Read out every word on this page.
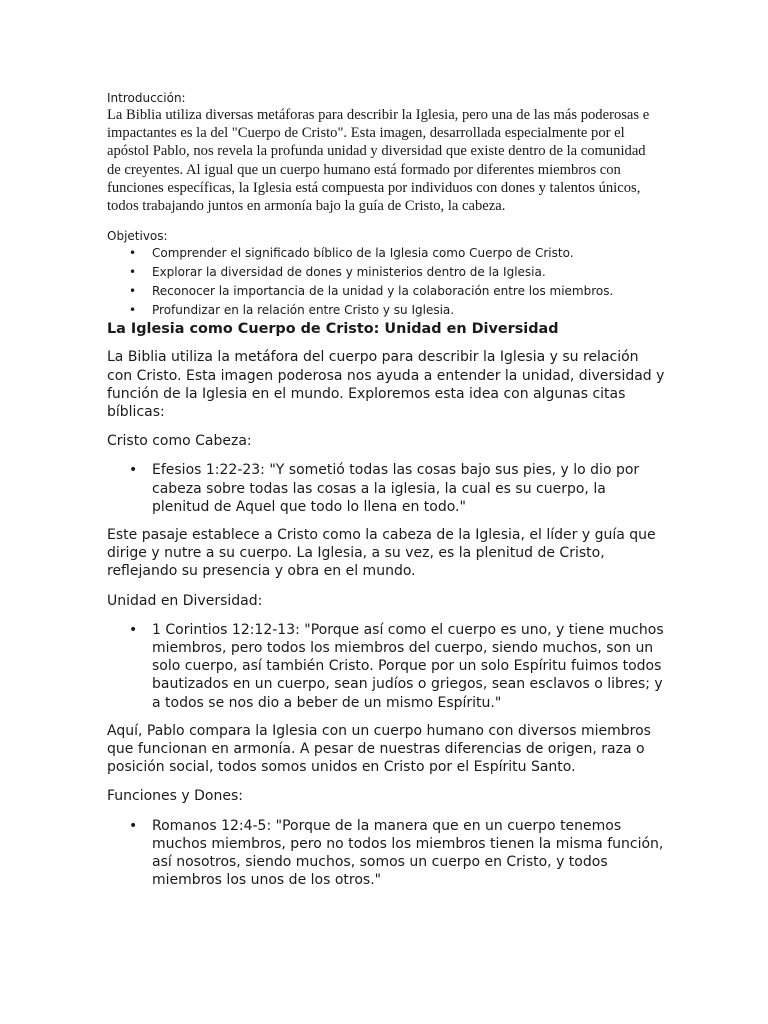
Introducción:

La Biblia utiliza diversas metáforas para describir la Iglesia, pero una de las más poderosas e impactantes es la del "Cuerpo de Cristo". Esta imagen, desarrollada especialmente por el apóstol Pablo, nos revela la profunda unidad y diversidad que existe dentro de la comunidad de creyentes. Al igual que un cuerpo humano está formado por diferentes miembros con funciones específicas, la Iglesia está compuesta por individuos con dones y talentos únicos, todos trabajando juntos en armonía bajo la guía de Cristo, la cabeza.

Objetivos:

• Comprender el significado bíblico de la Iglesia como Cuerpo de Cristo.
• Explorar la diversidad de dones y ministerios dentro de la Iglesia.
• Reconocer la importancia de la unidad y la colaboración entre los miembros.
• Profundizar en la relación entre Cristo y su Iglesia.
La Iglesia como Cuerpo de Cristo: Unidad en Diversidad

La Biblia utiliza la metáfora del cuerpo para describir la Iglesia y su relación con Cristo. Esta imagen poderosa nos ayuda a entender la unidad, diversidad y función de la Iglesia en el mundo. Exploremos esta idea con algunas citas bíblicas:

Cristo como Cabeza:

• Efesios 1:22-23: "Y sometió todas las cosas bajo sus pies, y lo dio por cabeza sobre todas las cosas a la iglesia, la cual es su cuerpo, la plenitud de Aquel que todo lo llena en todo."

Este pasaje establece a Cristo como la cabeza de la Iglesia, el líder y guía que dirige y nutre a su cuerpo. La Iglesia, a su vez, es la plenitud de Cristo, reflejando su presencia y obra en el mundo.

Unidad en Diversidad:

• 1 Corintios 12:12-13: "Porque así como el cuerpo es uno, y tiene muchos miembros, pero todos los miembros del cuerpo, siendo muchos, son un solo cuerpo, así también Cristo. Porque por un solo Espíritu fuimos todos bautizados en un cuerpo, sean judíos o griegos, sean esclavos o libres; y a todos se nos dio a beber de un mismo Espíritu."

Aquí, Pablo compara la Iglesia con un cuerpo humano con diversos miembros que funcionan en armonía. A pesar de nuestras diferencias de origen, raza o posición social, todos somos unidos en Cristo por el Espíritu Santo.

Funciones y Dones:

• Romanos 12:4-5: "Porque de la manera que en un cuerpo tenemos muchos miembros, pero no todos los miembros tienen la misma función, así nosotros, siendo muchos, somos un cuerpo en Cristo, y todos miembros los unos de los otros."
